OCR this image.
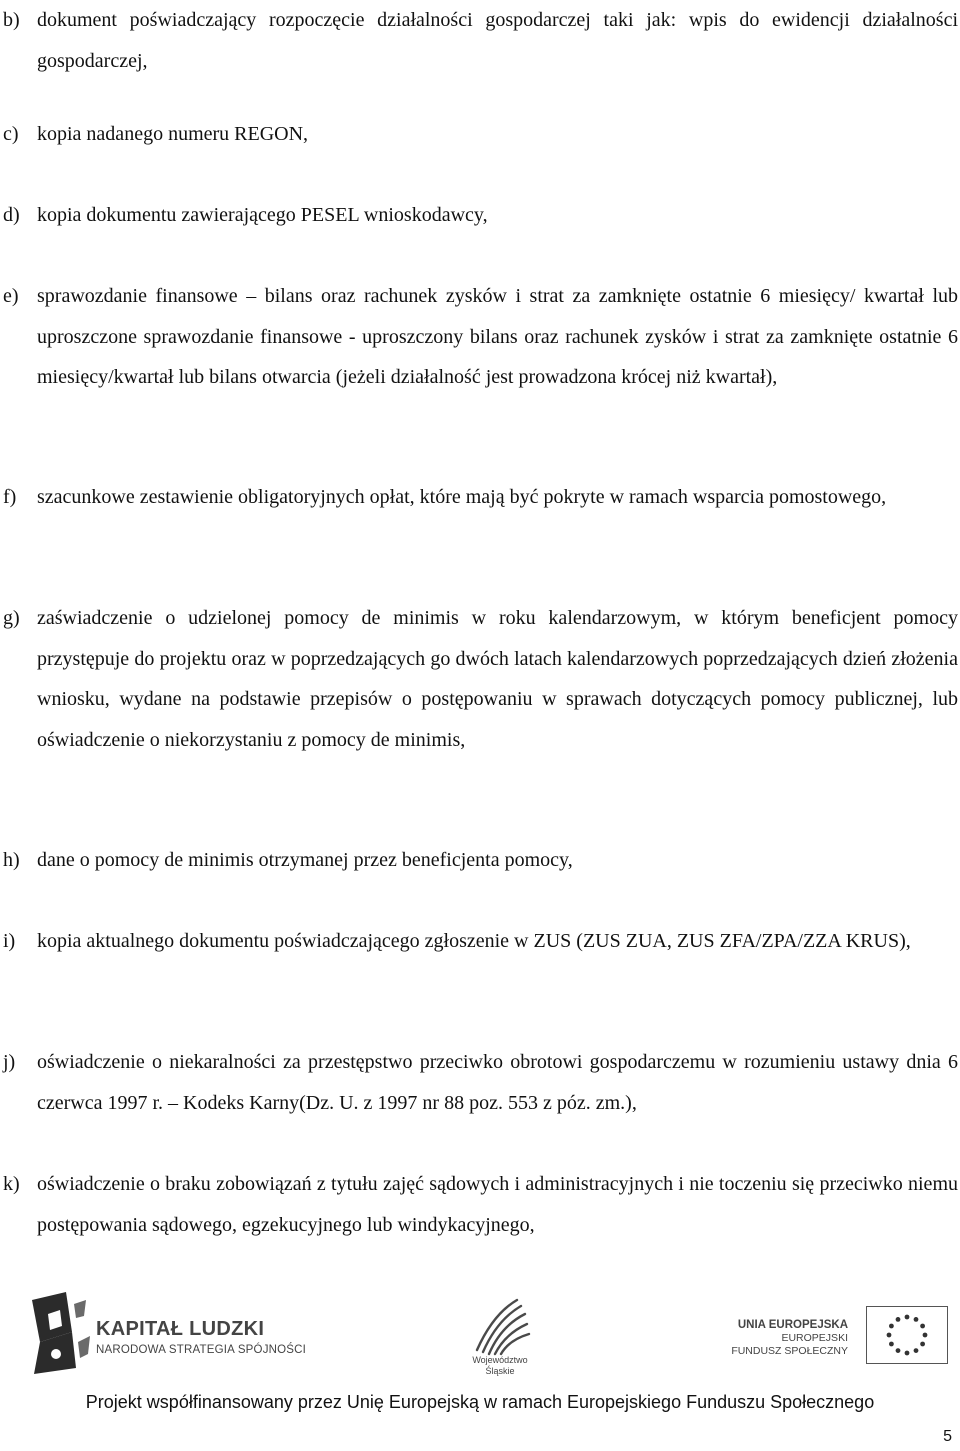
b) dokument poświadczający rozpoczęcie działalności gospodarczej taki jak: wpis do ewidencji działalności gospodarczej,
c) kopia nadanego numeru REGON,
d) kopia dokumentu zawierającego PESEL wnioskodawcy,
e) sprawozdanie finansowe – bilans oraz rachunek zysków i strat za zamknięte ostatnie 6 miesięcy/ kwartał lub uproszczone sprawozdanie finansowe - uproszczony bilans oraz rachunek zysków i strat za zamknięte ostatnie 6 miesięcy/kwartał lub bilans otwarcia (jeżeli działalność jest prowadzona krócej niż kwartał),
f) szacunkowe zestawienie obligatoryjnych opłat, które mają być pokryte w ramach wsparcia pomostowego,
g) zaświadczenie o udzielonej pomocy de minimis w roku kalendarzowym, w którym beneficjent pomocy przystępuje do projektu oraz w poprzedzających go dwóch latach kalendarzowych poprzedzających dzień złożenia wniosku, wydane na podstawie przepisów o postępowaniu w sprawach dotyczących pomocy publicznej, lub oświadczenie o niekorzystaniu z pomocy de minimis,
h) dane o pomocy de minimis otrzymanej przez beneficjenta pomocy,
i) kopia aktualnego dokumentu poświadczającego zgłoszenie w ZUS (ZUS ZUA, ZUS ZFA/ZPA/ZZA KRUS),
j) oświadczenie o niekaralności za przestępstwo przeciwko obrotowi gospodarczemu w rozumieniu ustawy dnia 6 czerwca 1997 r. – Kodeks Karny(Dz. U. z 1997 nr 88 poz. 553 z póz. zm.),
k) oświadczenie o braku zobowiązań z tytułu zajęć sądowych i administracyjnych i nie toczeniu się przeciwko niemu postępowania sądowego, egzekucyjnego lub windykacyjnego,
KAPITAŁ LUDZKI
NARODOWA STRATEGIA SPÓJNOŚCI
Województwo
Śląskie
UNIA EUROPEJSKA
EUROPEJSKI
FUNDUSZ SPOŁECZNY
Projekt współfinansowany przez Unię Europejską w ramach Europejskiego Funduszu Społecznego
5
